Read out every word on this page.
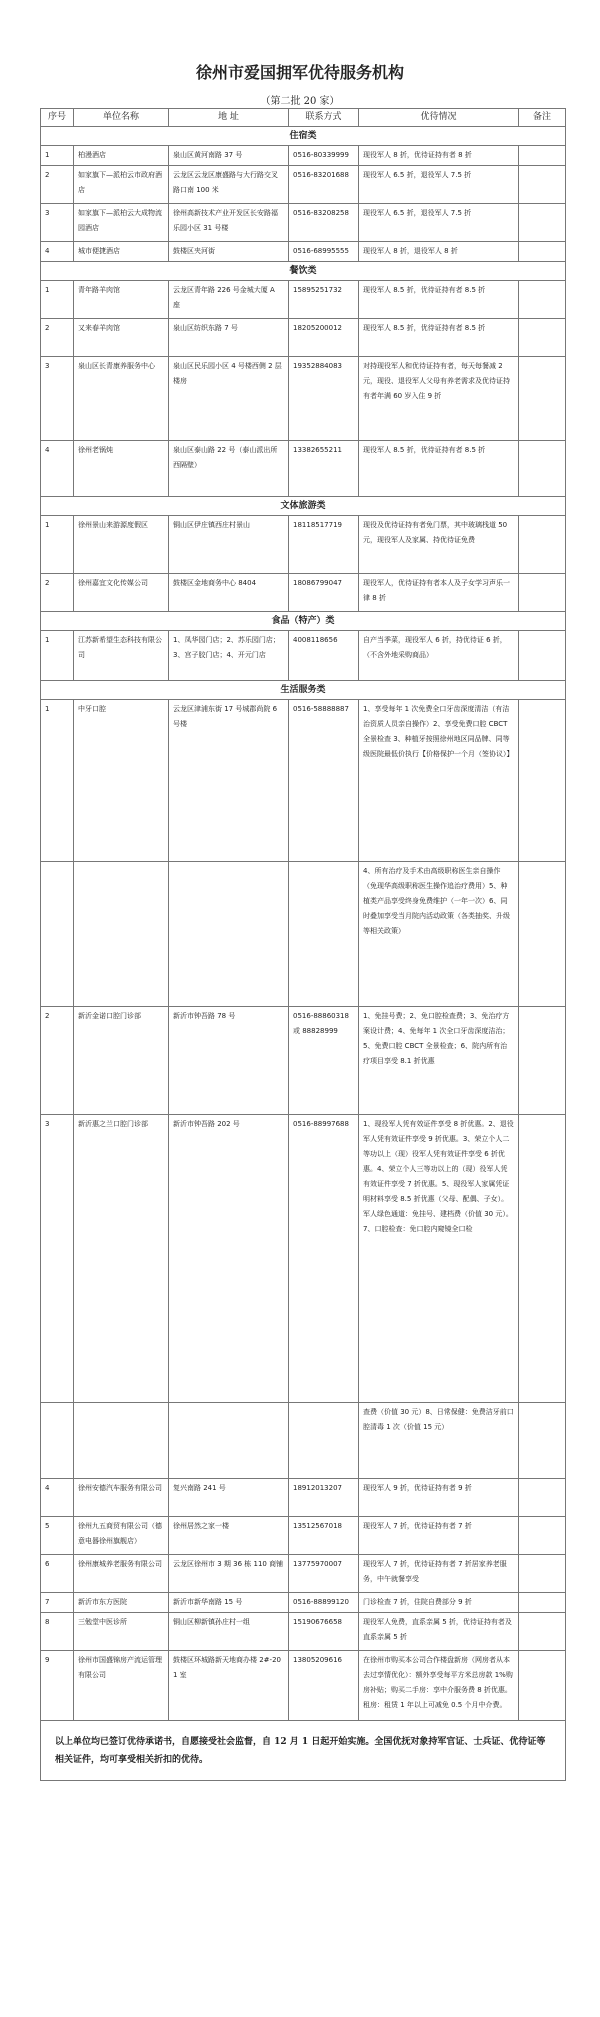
徐州市爱国拥军优待服务机构
（第二批 20 家）
序号	单位名称	地 址	联系方式	优待情况	备注
住宿类					
1	柏漫酒店	泉山区黄河南路 37 号	0516-80339999	现役军人 8 折，优待证持有者 8 折	
2	如家旗下—派柏云市政府酒店	云龙区云龙区康盛路与大行路交叉路口南 100 米	0516-83201688	现役军人 6.5 折，退役军人 7.5 折	
3	如家旗下—派柏云大成物流园酒店	徐州高新技术产业开发区长安路福乐园小区 31 号楼	0516-83208258	现役军人 6.5 折，退役军人 7.5 折	
4	城市便捷酒店	鼓楼区夹河街	0516-68995555	现役军人 8 折，退役军人 8 折	
餐饮类					
1	青年路羊肉馆	云龙区青年路 226 号金城大厦 A 座	15895251732	现役军人 8.5 折，优待证持有者 8.5 折	
2	又来春羊肉馆	泉山区纺织东路 7 号	18205200012	现役军人 8.5 折，优待证持有者 8.5 折	
3	泉山区长青康养服务中心	泉山区民乐园小区 4 号楼西侧 2 层楼房	19352884083	对持现役军人和优待证持有者，每天每餐减 2 元，现役、退役军人父母有养老需求及优待证持有者年满 60 岁入住 9 折	
4	徐州老锅炖	泉山区泰山路 22 号（泰山派出所西隔壁）	13382655211	现役军人 8.5 折，优待证持有者 8.5 折	
文体旅游类					
1	徐州景山来游源度假区	铜山区伊庄镇西庄村景山	18118517719	现役及优待证持有者免门票，其中玻璃栈道 50 元，现役军人及家属、持优待证免费	
2	徐州嘉宜文化传媒公司	鼓楼区金地商务中心 8404	18086799047	现役军人，优待证持有者本人及子女学习声乐一律 8 折	
食品（特产）类					
1	江苏新希望生态科技有限公司	1、凤华园门店；2、苏乐园门店；3、宫子胶门店；4、开元门店	4008118656	自产当季菜，现役军人 6 折，持优待证 6 折，（不含外地采购商品）	
生活服务类					
1	中牙口腔	云龙区津浦东街 17 号城郡尚院 6 号楼	0516-58888887	1、享受每年 1 次免费全口牙齿深度清洁（有洁治资质人员亲自操作）2、享受免费口腔 CBCT 全景检查 3、种植牙按照徐州地区同品牌、同等级医院最低价执行【价格保护一个月（签协议）】	
				4、所有治疗及手术由高级职称医生亲自操作（免现华高级职称医生操作追治疗费用）5、种植类产品享受终身免费维护（一年一次）6、同时叠加享受当月院内活动政策（各类抽奖、升级等相关政策）	
2	新沂金诺口腔门诊部	新沂市钟吾路 78 号	0516-88860318 或 88828999	1、免挂号费；2、免口腔检查费；3、免治疗方案设计费；4、免每年 1 次全口牙齿深度洁治；5、免费口腔 CBCT 全景检查；6、院内所有治疗项目享受 8.1 折优惠	
3	新沂惠之兰口腔门诊部	新沂市钟吾路 202 号	0516-88997688	1、现役军人凭有效证件享受 8 折优惠。2、退役军人凭有效证件享受 9 折优惠。3、荣立个人二等功以上（现）役军人凭有效证件享受 6 折优惠。4、荣立个人三等功以上的（现）役军人凭有效证件享受 7 折优惠。5、现役军人家属凭证明材料享受 8.5 折优惠（父母、配偶、子女）。军人绿色通道：免挂号、建档费（价值 30 元）。7、口腔检查：免口腔内窥镜全口检	
				查费（价值 30 元）8、日常保健：免费洁牙前口腔清毒 1 次（价值 15 元）	
4	徐州安德汽车服务有限公司	复兴南路 241 号	18912013207	现役军人 9 折，优待证持有者 9 折	
5	徐州九五商贸有限公司（德意电器徐州旗舰店）	徐州居然之家一楼	13512567018	现役军人 7 折，优待证持有者 7 折	
6	徐州康城养老服务有限公司	云龙区徐州市 3 期 36 栋 110 商铺	13775970007	现役军人 7 折，优待证持有者 7 折居家养老服务，中午就餐享受	
7	新沂市东方医院	新沂市新华南路 15 号	0516-88899120	门诊检查 7 折，住院自费部分 9 折	
8	三勉堂中医诊所	铜山区柳新镇孙庄村一组	15190676658	现役军人免费，直系亲属 5 折，优待证持有者及直系亲属 5 折	
9	徐州市国盛锦房产流运管理有限公司	鼓楼区环城路新天地商办楼 2#-201 室	13805209616	在徐州市购买本公司合作楼盘新房（网房者从本去过享情优化）：额外享受每平方米总房款 1%购房补贴；购买二手房：享中介服务费 8 折优惠。租房：租赁 1 年以上可减免 0.5 个月中介费。	
以上单位均已签订优待承诺书，自愿接受社会监督，自 12 月 1 日起开始实施。全国优抚对象持军官证、士兵证、优待证等相关证件，均可享受相关折扣的优待。					
